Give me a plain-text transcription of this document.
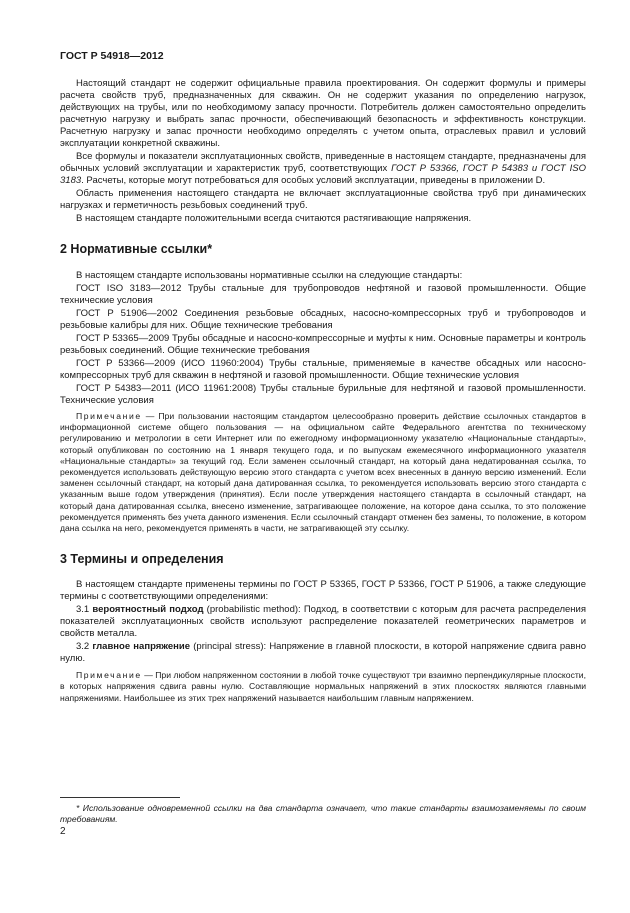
ГОСТ Р 54918—2012

Настоящий стандарт не содержит официальные правила проектирования. Он содержит формулы и примеры расчета свойств труб, предназначенных для скважин. Он не содержит указания по определению нагрузок, действующих на трубы, или по необходимому запасу прочности. Потребитель должен самостоятельно определить расчетную нагрузку и выбрать запас прочности, обеспечивающий безопасность и эффективность конструкции. Расчетную нагрузку и запас прочности необходимо определять с учетом опыта, отраслевых правил и условий эксплуатации конкретной скважины.

Все формулы и показатели эксплуатационных свойств, приведенные в настоящем стандарте, предназначены для обычных условий эксплуатации и характеристик труб, соответствующих ГОСТ Р 53366, ГОСТ Р 54383 и ГОСТ ISO 3183. Расчеты, которые могут потребоваться для особых условий эксплуатации, приведены в приложении D.

Область применения настоящего стандарта не включает эксплуатационные свойства труб при динамических нагрузках и герметичность резьбовых соединений труб.

В настоящем стандарте положительными всегда считаются растягивающие напряжения.

2 Нормативные ссылки*

В настоящем стандарте использованы нормативные ссылки на следующие стандарты:

ГОСТ ISO 3183—2012 Трубы стальные для трубопроводов нефтяной и газовой промышленности. Общие технические условия

ГОСТ Р 51906—2002 Соединения резьбовые обсадных, насосно-компрессорных труб и трубопроводов и резьбовые калибры для них. Общие технические требования

ГОСТ Р 53365—2009 Трубы обсадные и насосно-компрессорные и муфты к ним. Основные параметры и контроль резьбовых соединений. Общие технические требования

ГОСТ Р 53366—2009 (ИСО 11960:2004) Трубы стальные, применяемые в качестве обсадных или насосно-компрессорных труб для скважин в нефтяной и газовой промышленности. Общие технические условия

ГОСТ Р 54383—2011 (ИСО 11961:2008) Трубы стальные бурильные для нефтяной и газовой промышленности. Технические условия

Примечание — При пользовании настоящим стандартом целесообразно проверить действие ссылочных стандартов в информационной системе общего пользования — на официальном сайте Федерального агентства по техническому регулированию и метрологии в сети Интернет или по ежегодному информационному указателю «Национальные стандарты», который опубликован по состоянию на 1 января текущего года, и по выпускам ежемесячного информационного указателя «Национальные стандарты» за текущий год. Если заменен ссылочный стандарт, на который дана недатированная ссылка, то рекомендуется использовать действующую версию этого стандарта с учетом всех внесенных в данную версию изменений. Если заменен ссылочный стандарт, на который дана датированная ссылка, то рекомендуется использовать версию этого стандарта с указанным выше годом утверждения (принятия). Если после утверждения настоящего стандарта в ссылочный стандарт, на который дана датированная ссылка, внесено изменение, затрагивающее положение, на которое дана ссылка, то это положение рекомендуется применять без учета данного изменения. Если ссылочный стандарт отменен без замены, то положение, в котором дана ссылка на него, рекомендуется применять в части, не затрагивающей эту ссылку.

3 Термины и определения

В настоящем стандарте применены термины по ГОСТ Р 53365, ГОСТ Р 53366, ГОСТ Р 51906, а также следующие термины с соответствующими определениями:

3.1 вероятностный подход (probabilistic method): Подход, в соответствии с которым для расчета распределения показателей эксплуатационных свойств используют распределение показателей геометрических параметров и свойств металла.

3.2 главное напряжение (principal stress): Напряжение в главной плоскости, в которой напряжение сдвига равно нулю.

Примечание — При любом напряженном состоянии в любой точке существуют три взаимно перпендикулярные плоскости, в которых напряжения сдвига равны нулю. Составляющие нормальных напряжений в этих плоскостях являются главными напряжениями. Наибольшее из этих трех напряжений называется наибольшим главным напряжением.

* Использование одновременной ссылки на два стандарта означает, что такие стандарты взаимозаменяемы по своим требованиям.

2
